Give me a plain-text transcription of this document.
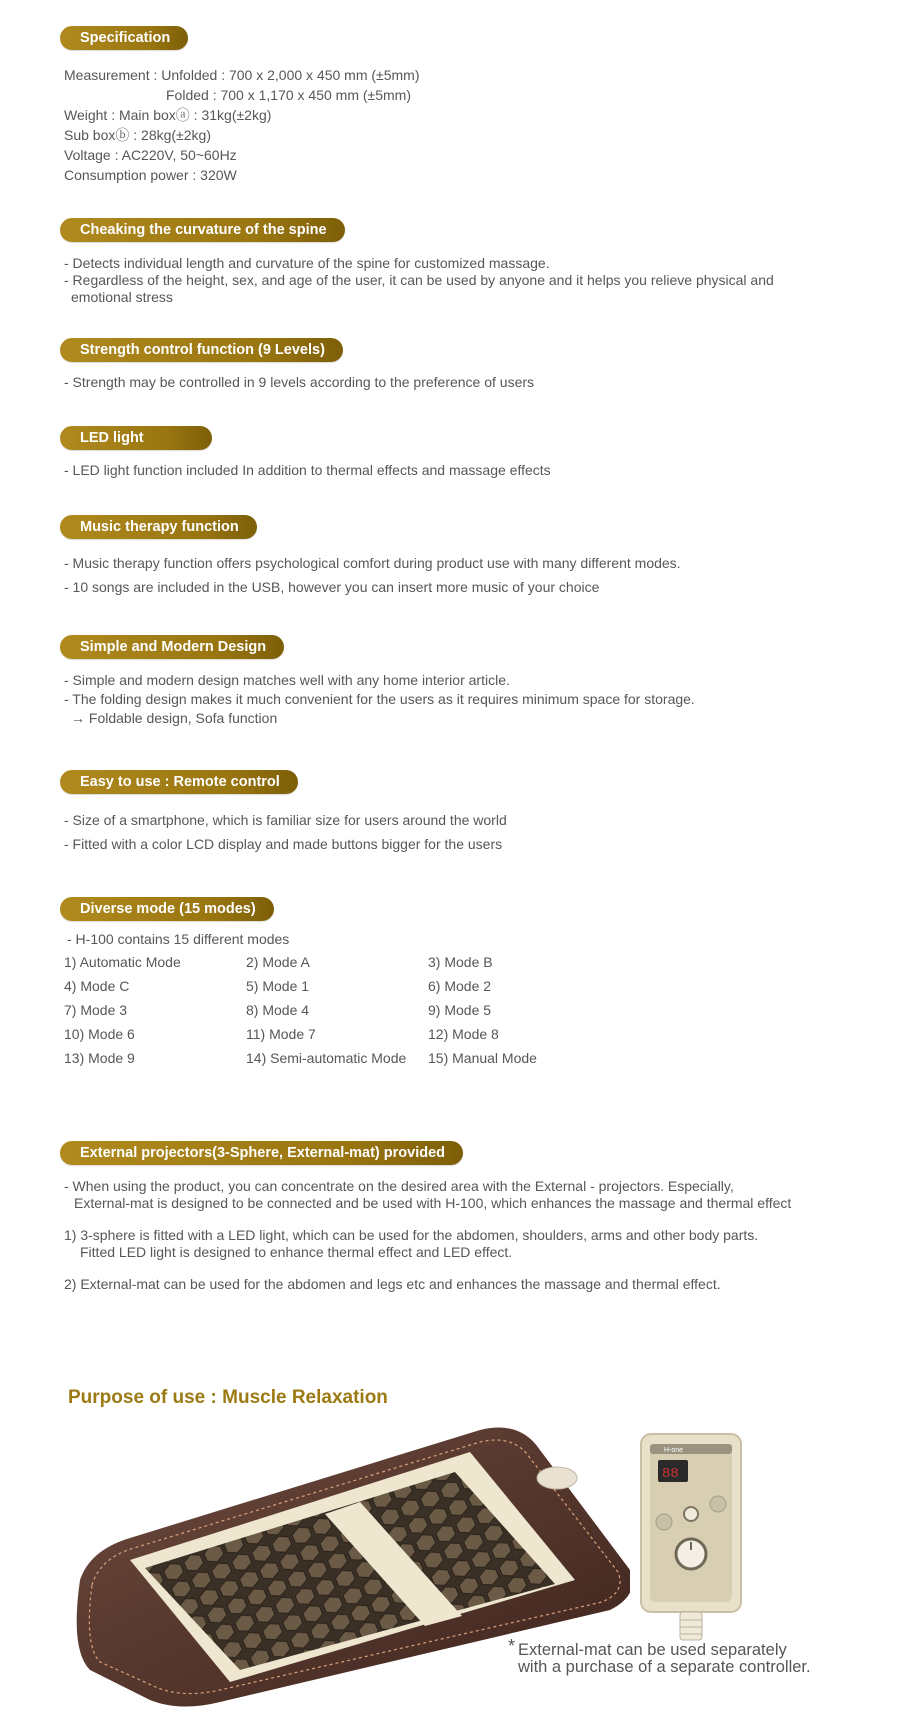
Specification
Measurement : Unfolded : 700 x 2,000 x 450 mm (±5mm)
Folded : 700 x 1,170 x 450 mm (±5mm)
Weight : Main boxⓐ : 31kg(±2kg)
Sub boxⓑ : 28kg(±2kg)
Voltage : AC220V, 50~60Hz
Consumption power : 320W
Cheaking the curvature of the spine
- Detects individual length and curvature of the spine for customized massage.
- Regardless of the height, sex, and age of the user, it can be used by anyone and it helps you relieve physical and
emotional stress
Strength control function (9 Levels)
- Strength may be controlled in 9 levels according to the preference of users
LED light
- LED light function included In addition to thermal effects and massage effects
Music therapy function
- Music therapy function offers psychological comfort during product use with many different modes.
- 10 songs are included in the USB, however you can insert more music of your choice
Simple and Modern Design
- Simple and modern design matches well with any home interior article.
- The folding design makes it much convenient for the users as it requires minimum space for storage.
→ Foldable design, Sofa function
Easy to use : Remote control
- Size of a smartphone, which is familiar size for users around the world
- Fitted with a color LCD display and made buttons bigger for the users
Diverse mode (15 modes)
- H-100 contains 15 different modes
1) Automatic Mode	2) Mode A	3) Mode B
4) Mode C	5) Mode 1	6) Mode 2
7) Mode 3	8) Mode 4	9) Mode 5
10) Mode 6	11) Mode 7	12) Mode 8
13) Mode 9	14) Semi-automatic Mode 15) Manual Mode
External projectors(3-Sphere, External-mat) provided
- When using the product, you can concentrate on the desired area with the External - projectors. Especially,
External-mat is designed to be connected and be used with H-100, which enhances the massage and thermal effect
1) 3-sphere is fitted with a LED light, which can be used for the abdomen, shoulders, arms and other body parts.
Fitted LED light is designed to enhance thermal effect and LED effect.
2) External-mat can be used for the abdomen and legs etc and enhances the massage and thermal effect.
Purpose of use : Muscle Relaxation
H-one
88
* External-mat can be used separately
with a purchase of a separate controller.
